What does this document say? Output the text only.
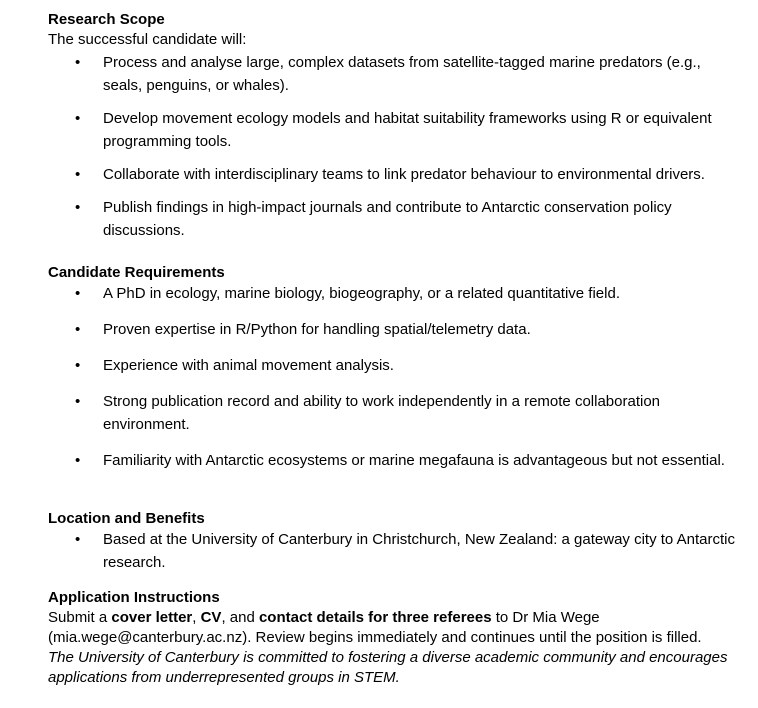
Research Scope
The successful candidate will:
• Process and analyse large, complex datasets from satellite-tagged marine predators (e.g., seals, penguins, or whales).
• Develop movement ecology models and habitat suitability frameworks using R or equivalent programming tools.
• Collaborate with interdisciplinary teams to link predator behaviour to environmental drivers.
• Publish findings in high-impact journals and contribute to Antarctic conservation policy discussions.
Candidate Requirements
• A PhD in ecology, marine biology, biogeography, or a related quantitative field.
• Proven expertise in R/Python for handling spatial/telemetry data.
• Experience with animal movement analysis.
• Strong publication record and ability to work independently in a remote collaboration environment.
• Familiarity with Antarctic ecosystems or marine megafauna is advantageous but not essential.
Location and Benefits
• Based at the University of Canterbury in Christchurch, New Zealand: a gateway city to Antarctic research.
Application Instructions
Submit a cover letter, CV, and contact details for three referees to Dr Mia Wege (mia.wege@canterbury.ac.nz). Review begins immediately and continues until the position is filled.
The University of Canterbury is committed to fostering a diverse academic community and encourages applications from underrepresented groups in STEM.
